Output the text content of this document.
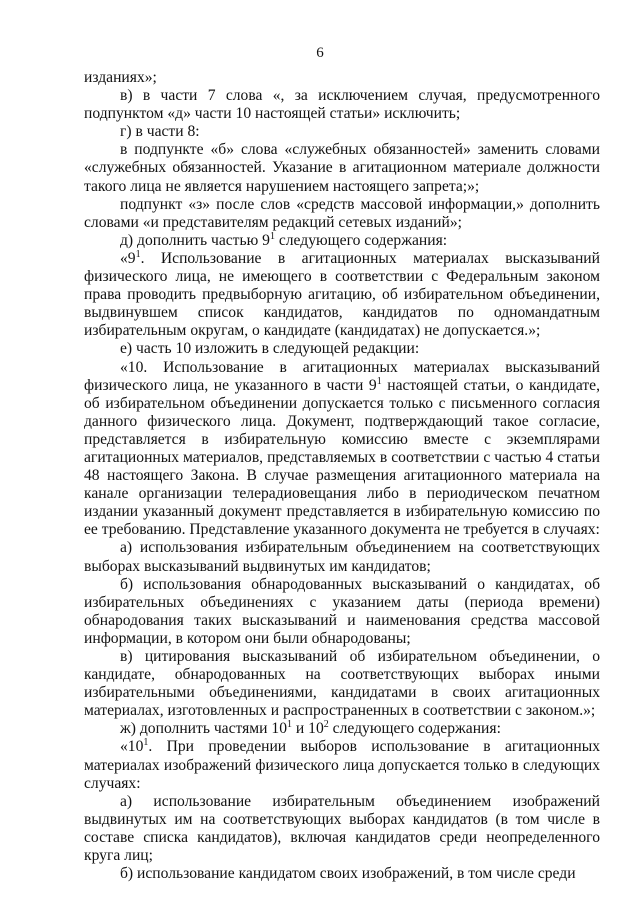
6

изданиях»;

в) в части 7 слова «, за исключением случая, предусмотренного подпунктом «д» части 10 настоящей статьи» исключить;

г) в части 8:

в подпункте «б» слова «служебных обязанностей» заменить словами «служебных обязанностей. Указание в агитационном материале должности такого лица не является нарушением настоящего запрета;»;

подпункт «з» после слов «средств массовой информации,» дополнить словами «и представителям редакций сетевых изданий»;

д) дополнить частью $9^1$ следующего содержания:

«$9^1$. Использование в агитационных материалах высказываний физического лица, не имеющего в соответствии с Федеральным законом права проводить предвыборную агитацию, об избирательном объединении, выдвинувшем список кандидатов, кандидатов по одномандатным избирательным округам, о кандидате (кандидатах) не допускается.»;

е) часть 10 изложить в следующей редакции:

«10. Использование в агитационных материалах высказываний физического лица, не указанного в части $9^1$ настоящей статьи, о кандидате, об избирательном объединении допускается только с письменного согласия данного физического лица. Документ, подтверждающий такое согласие, представляется в избирательную комиссию вместе с экземплярами агитационных материалов, представляемых в соответствии с частью 4 статьи 48 настоящего Закона. В случае размещения агитационного материала на канале организации телерадиовещания либо в периодическом печатном издании указанный документ представляется в избирательную комиссию по ее требованию. Представление указанного документа не требуется в случаях:

а) использования избирательным объединением на соответствующих выборах высказываний выдвинутых им кандидатов;

б) использования обнародованных высказываний о кандидатах, об избирательных объединениях с указанием даты (периода времени) обнародования таких высказываний и наименования средства массовой информации, в котором они были обнародованы;

в) цитирования высказываний об избирательном объединении, о кандидате, обнародованных на соответствующих выборах иными избирательными объединениями, кандидатами в своих агитационных материалах, изготовленных и распространенных в соответствии с законом.»;

ж) дополнить частями $10^1$ и $10^2$ следующего содержания:

«$10^1$. При проведении выборов использование в агитационных материалах изображений физического лица допускается только в следующих случаях:

а) использование избирательным объединением изображений выдвинутых им на соответствующих выборах кандидатов (в том числе в составе списка кандидатов), включая кандидатов среди неопределенного круга лиц;

б) использование кандидатом своих изображений, в том числе среди
